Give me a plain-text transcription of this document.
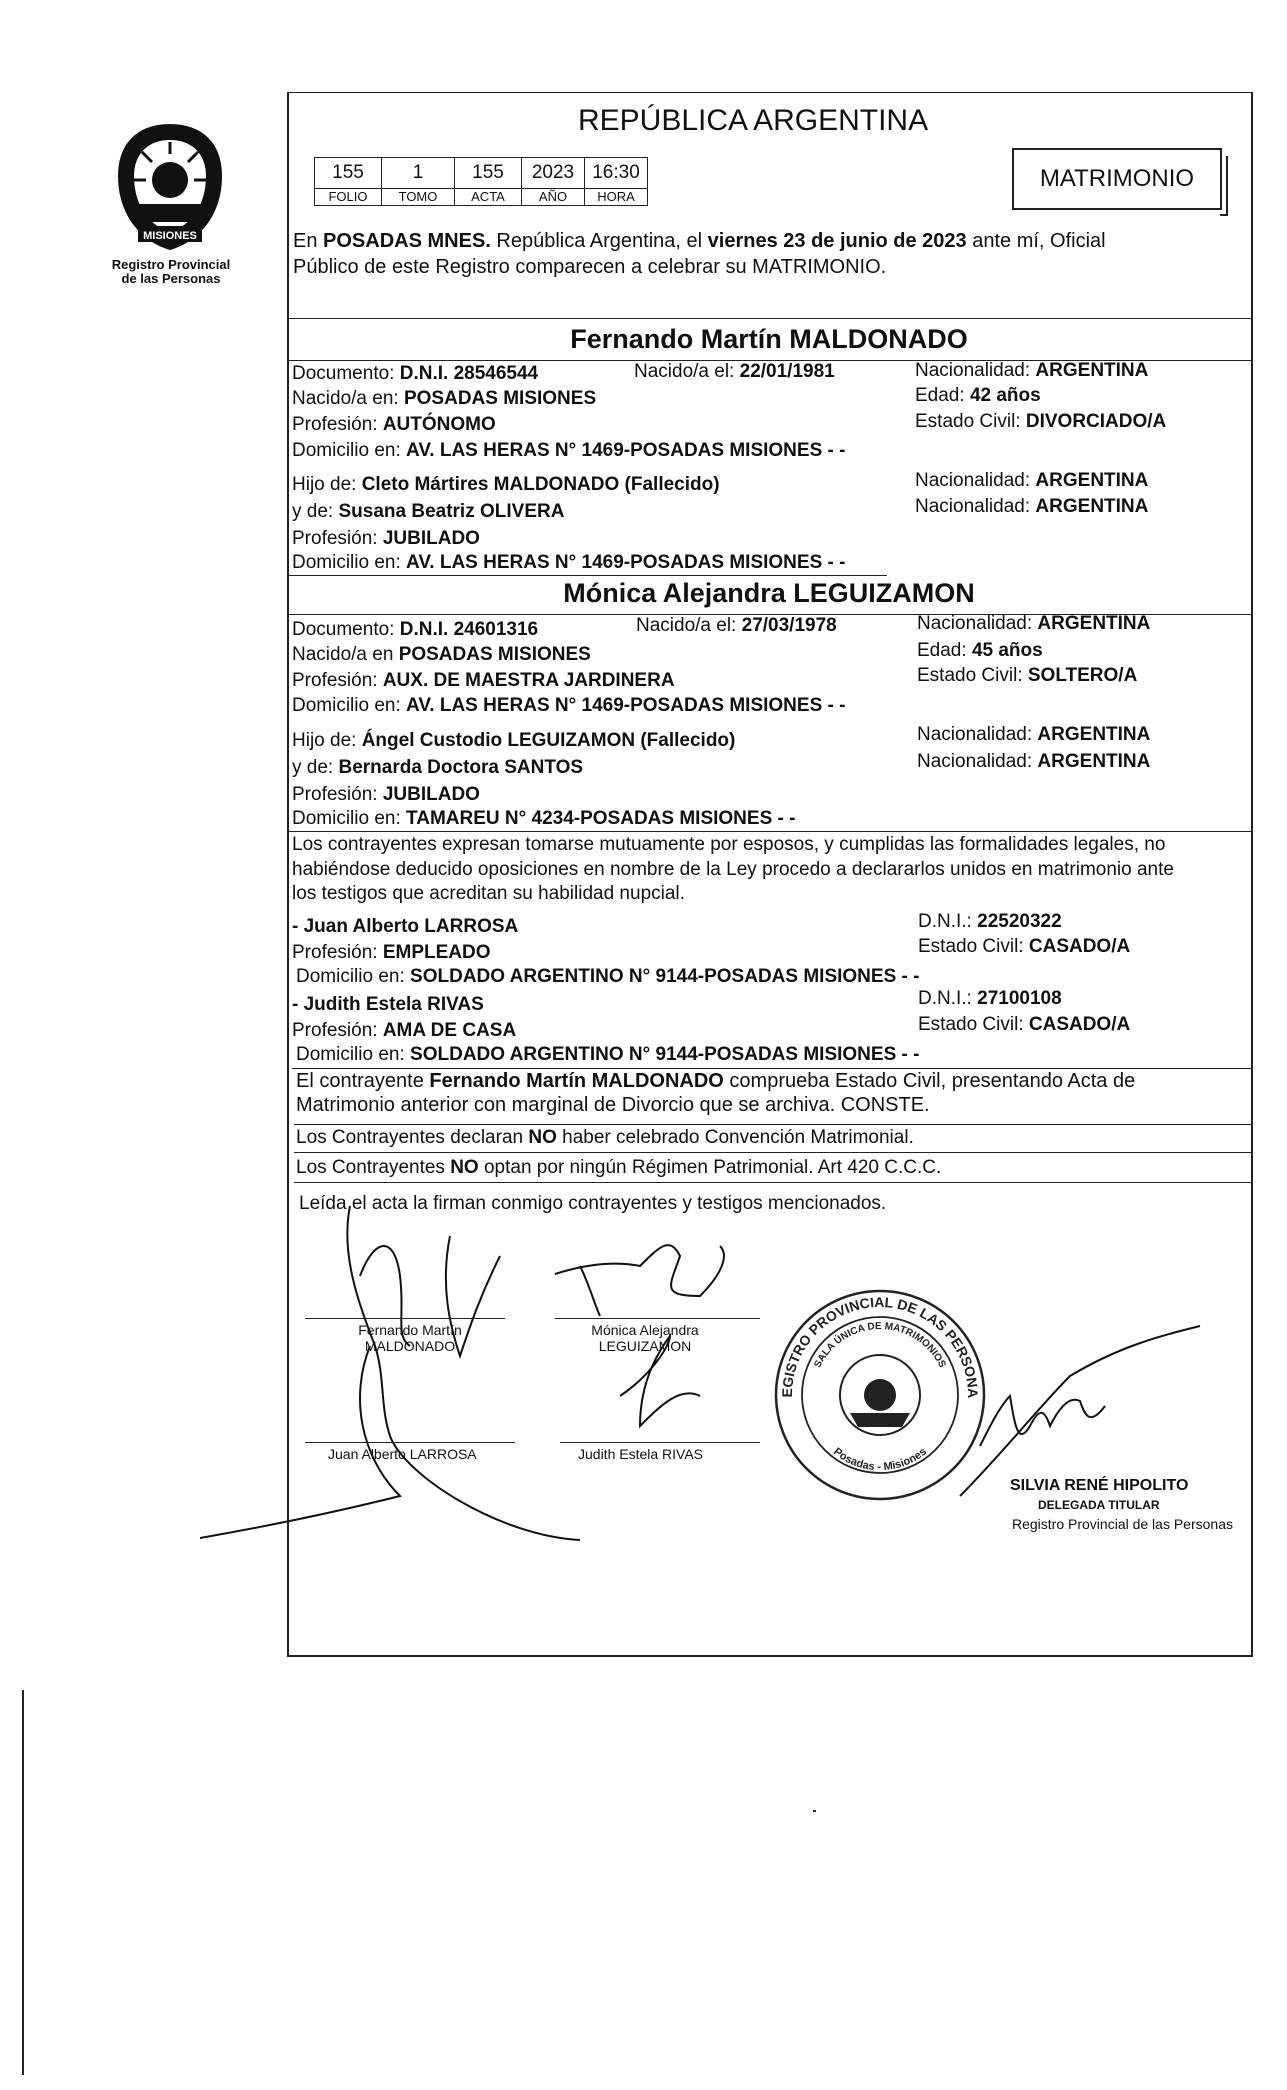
MISIONES
Registro Provincial
de las Personas
REPÚBLICA ARGENTINA
155	1	155	2023	16:30
FOLIO	TOMO	ACTA	AÑO	HORA
MATRIMONIO
En POSADAS MNES. República Argentina, el viernes 23 de junio de 2023 ante mí, Oficial
Público de este Registro comparecen a celebrar su MATRIMONIO.
Fernando Martín MALDONADO
Documento: D.N.I. 28546544	Nacido/a el: 22/01/1981	Nacionalidad: ARGENTINA
Nacido/a en: POSADAS MISIONES	Edad: 42 años
Profesión: AUTÓNOMO	Estado Civil: DIVORCIADO/A
Domicilio en: AV. LAS HERAS N° 1469-POSADAS MISIONES - -
Hijo de: Cleto Mártires MALDONADO (Fallecido)	Nacionalidad: ARGENTINA
y de: Susana Beatriz OLIVERA	Nacionalidad: ARGENTINA
Profesión: JUBILADO
Domicilio en: AV. LAS HERAS N° 1469-POSADAS MISIONES - -
Mónica Alejandra LEGUIZAMON
Documento: D.N.I. 24601316	Nacido/a el: 27/03/1978	Nacionalidad: ARGENTINA
Nacido/a en POSADAS MISIONES	Edad: 45 años
Profesión: AUX. DE MAESTRA JARDINERA	Estado Civil: SOLTERO/A
Domicilio en: AV. LAS HERAS N° 1469-POSADAS MISIONES - -
Hijo de: Ángel Custodio LEGUIZAMON (Fallecido)	Nacionalidad: ARGENTINA
y de: Bernarda Doctora SANTOS	Nacionalidad: ARGENTINA
Profesión: JUBILADO
Domicilio en: TAMAREU N° 4234-POSADAS MISIONES - -
Los contrayentes expresan tomarse mutuamente por esposos, y cumplidas las formalidades legales, no
habiéndose deducido oposiciones en nombre de la Ley procedo a declararlos unidos en matrimonio ante
los testigos que acreditan su habilidad nupcial.
- Juan Alberto LARROSA	D.N.I.: 22520322
Profesión: EMPLEADO	Estado Civil: CASADO/A
Domicilio en: SOLDADO ARGENTINO N° 9144-POSADAS MISIONES - -
- Judith Estela RIVAS	D.N.I.: 27100108
Profesión: AMA DE CASA	Estado Civil: CASADO/A
Domicilio en: SOLDADO ARGENTINO N° 9144-POSADAS MISIONES - -
El contrayente Fernando Martín MALDONADO comprueba Estado Civil, presentando Acta de
Matrimonio anterior con marginal de Divorcio que se archiva. CONSTE.
Los Contrayentes declaran NO haber celebrado Convención Matrimonial.
Los Contrayentes NO optan por ningún Régimen Patrimonial. Art 420 C.C.C.
Leída el acta la firman conmigo contrayentes y testigos mencionados.
Fernando Martín
MALDONADO
Mónica Alejandra
LEGUIZAMON
Juan Alberto LARROSA	Judith Estela RIVAS
EGISTRO PROVINCIAL DE LAS PERSONA
SALA ÚNICA DE MATRIMONIOS
Posadas - Misiones
SILVIA RENÉ HIPOLITO
DELEGADA TITULAR
Registro Provincial de las Personas
